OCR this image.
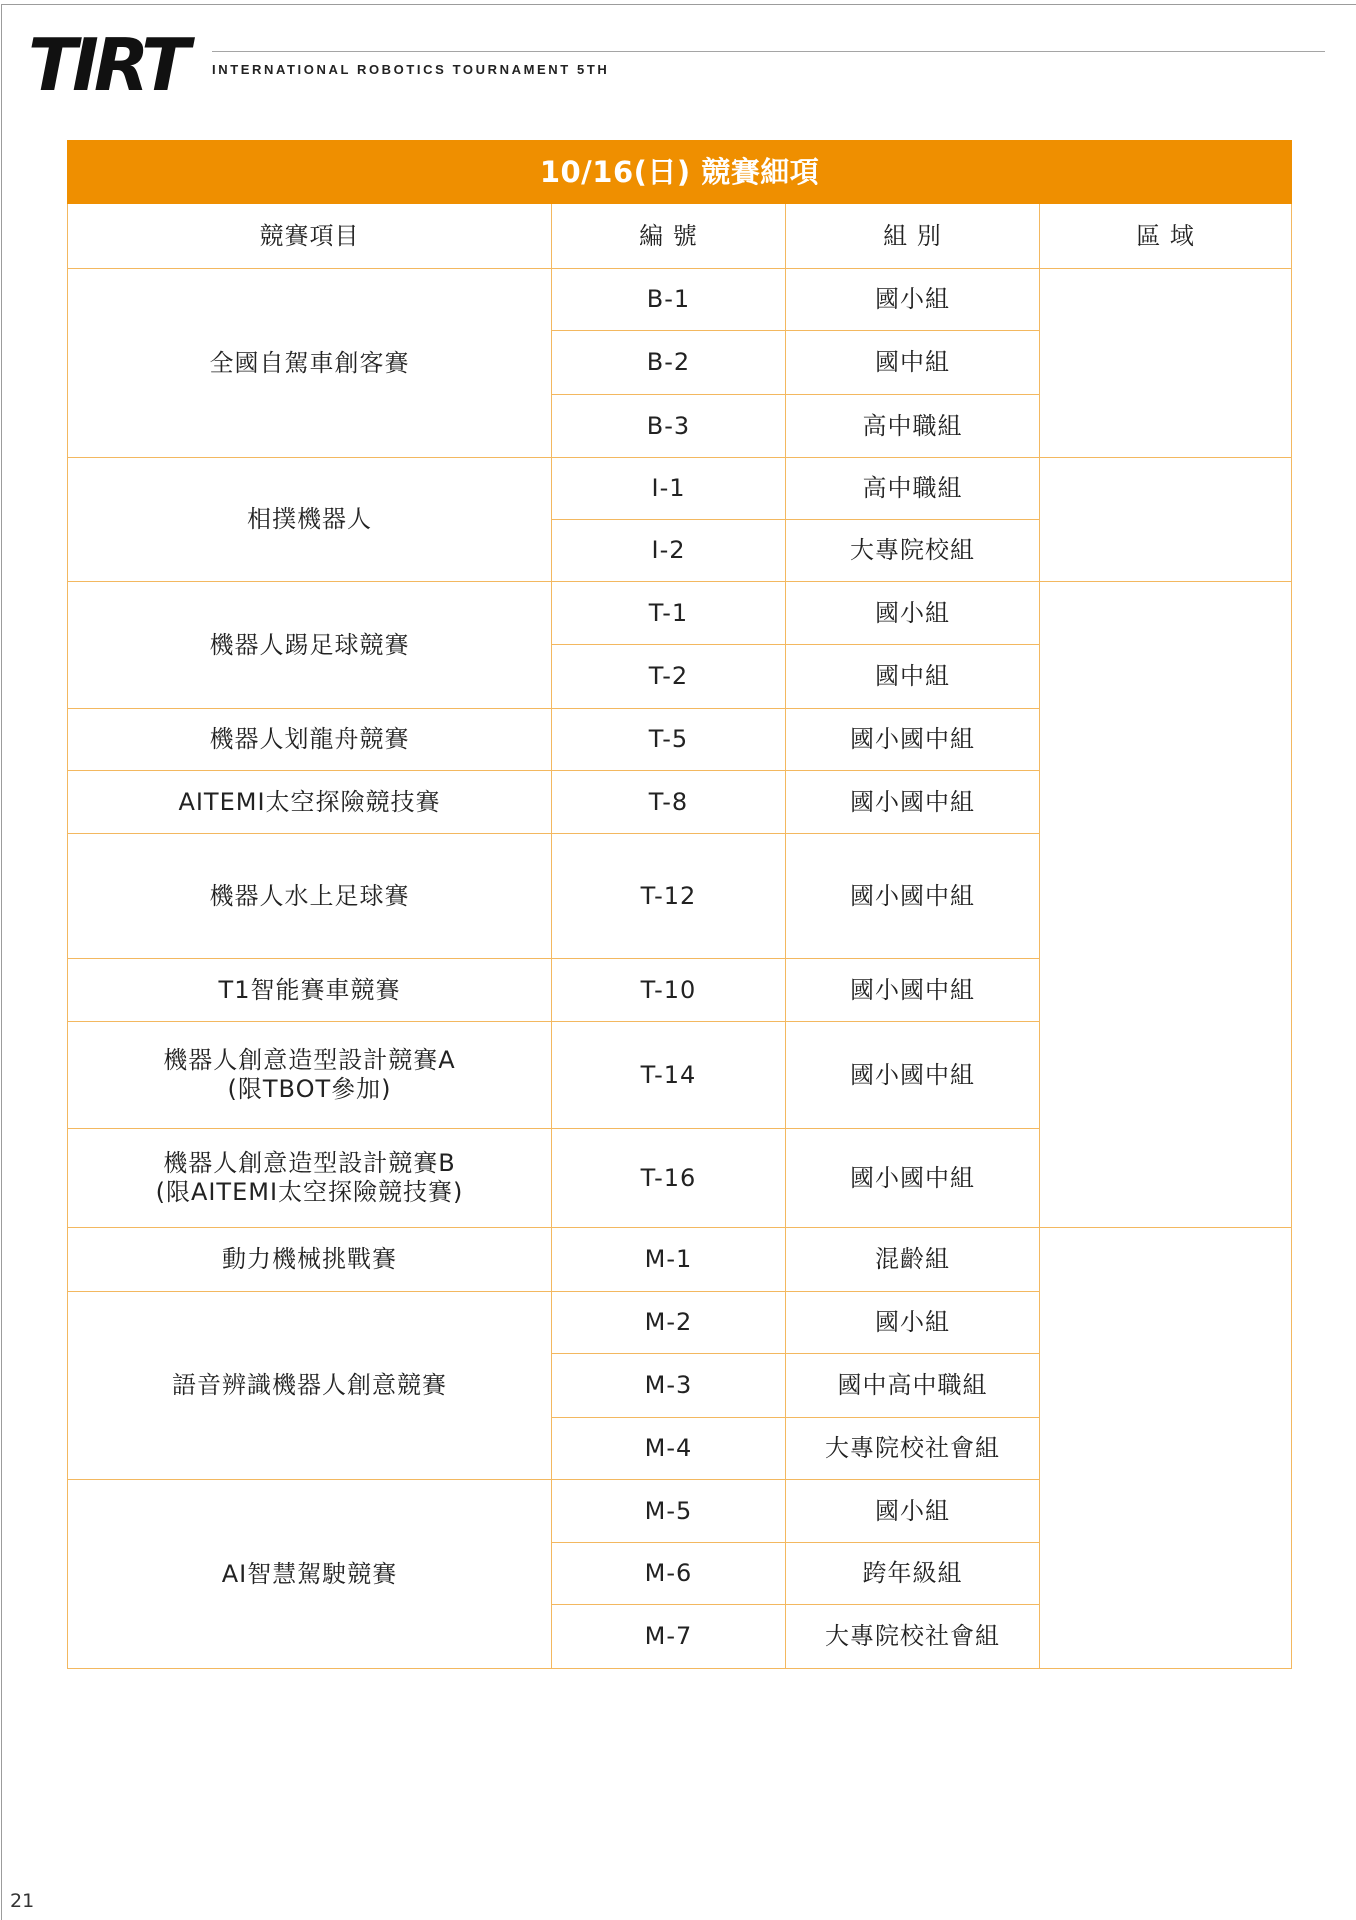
TIRT INTERNATIONAL ROBOTICS TOURNAMENT 5TH
10/16(日) 競賽細項			
競賽項目	編 號	組 別	區 域

全國自駕車創客賽	B-1	國小組	
	B-2	國中組	
	B-3	高中職組	

相撲機器人	I-1	高中職組	
	I-2	大專院校組	

機器人踢足球競賽	T-1	國小組	
	T-2	國中組	

機器人划龍舟競賽	T-5	國小國中組	

AITEMI太空探險競技賽	T-8	國小國中組	

機器人水上足球賽	T-12	國小國中組	

T1智能賽車競賽	T-10	國小國中組	

機器人創意造型設計競賽A
(限TBOT參加)	T-14	國小國中組	

機器人創意造型設計競賽B
(限AITEMI太空探險競技賽)	T-16	國小國中組	

動力機械挑戰賽	M-1	混齡組	

語音辨識機器人創意競賽	M-2	國小組	
	M-3	國中高中職組	
	M-4	大專院校社會組	

AI智慧駕駛競賽	M-5	國小組	
	M-6	跨年級組	
	M-7	大專院校社會組	
21
